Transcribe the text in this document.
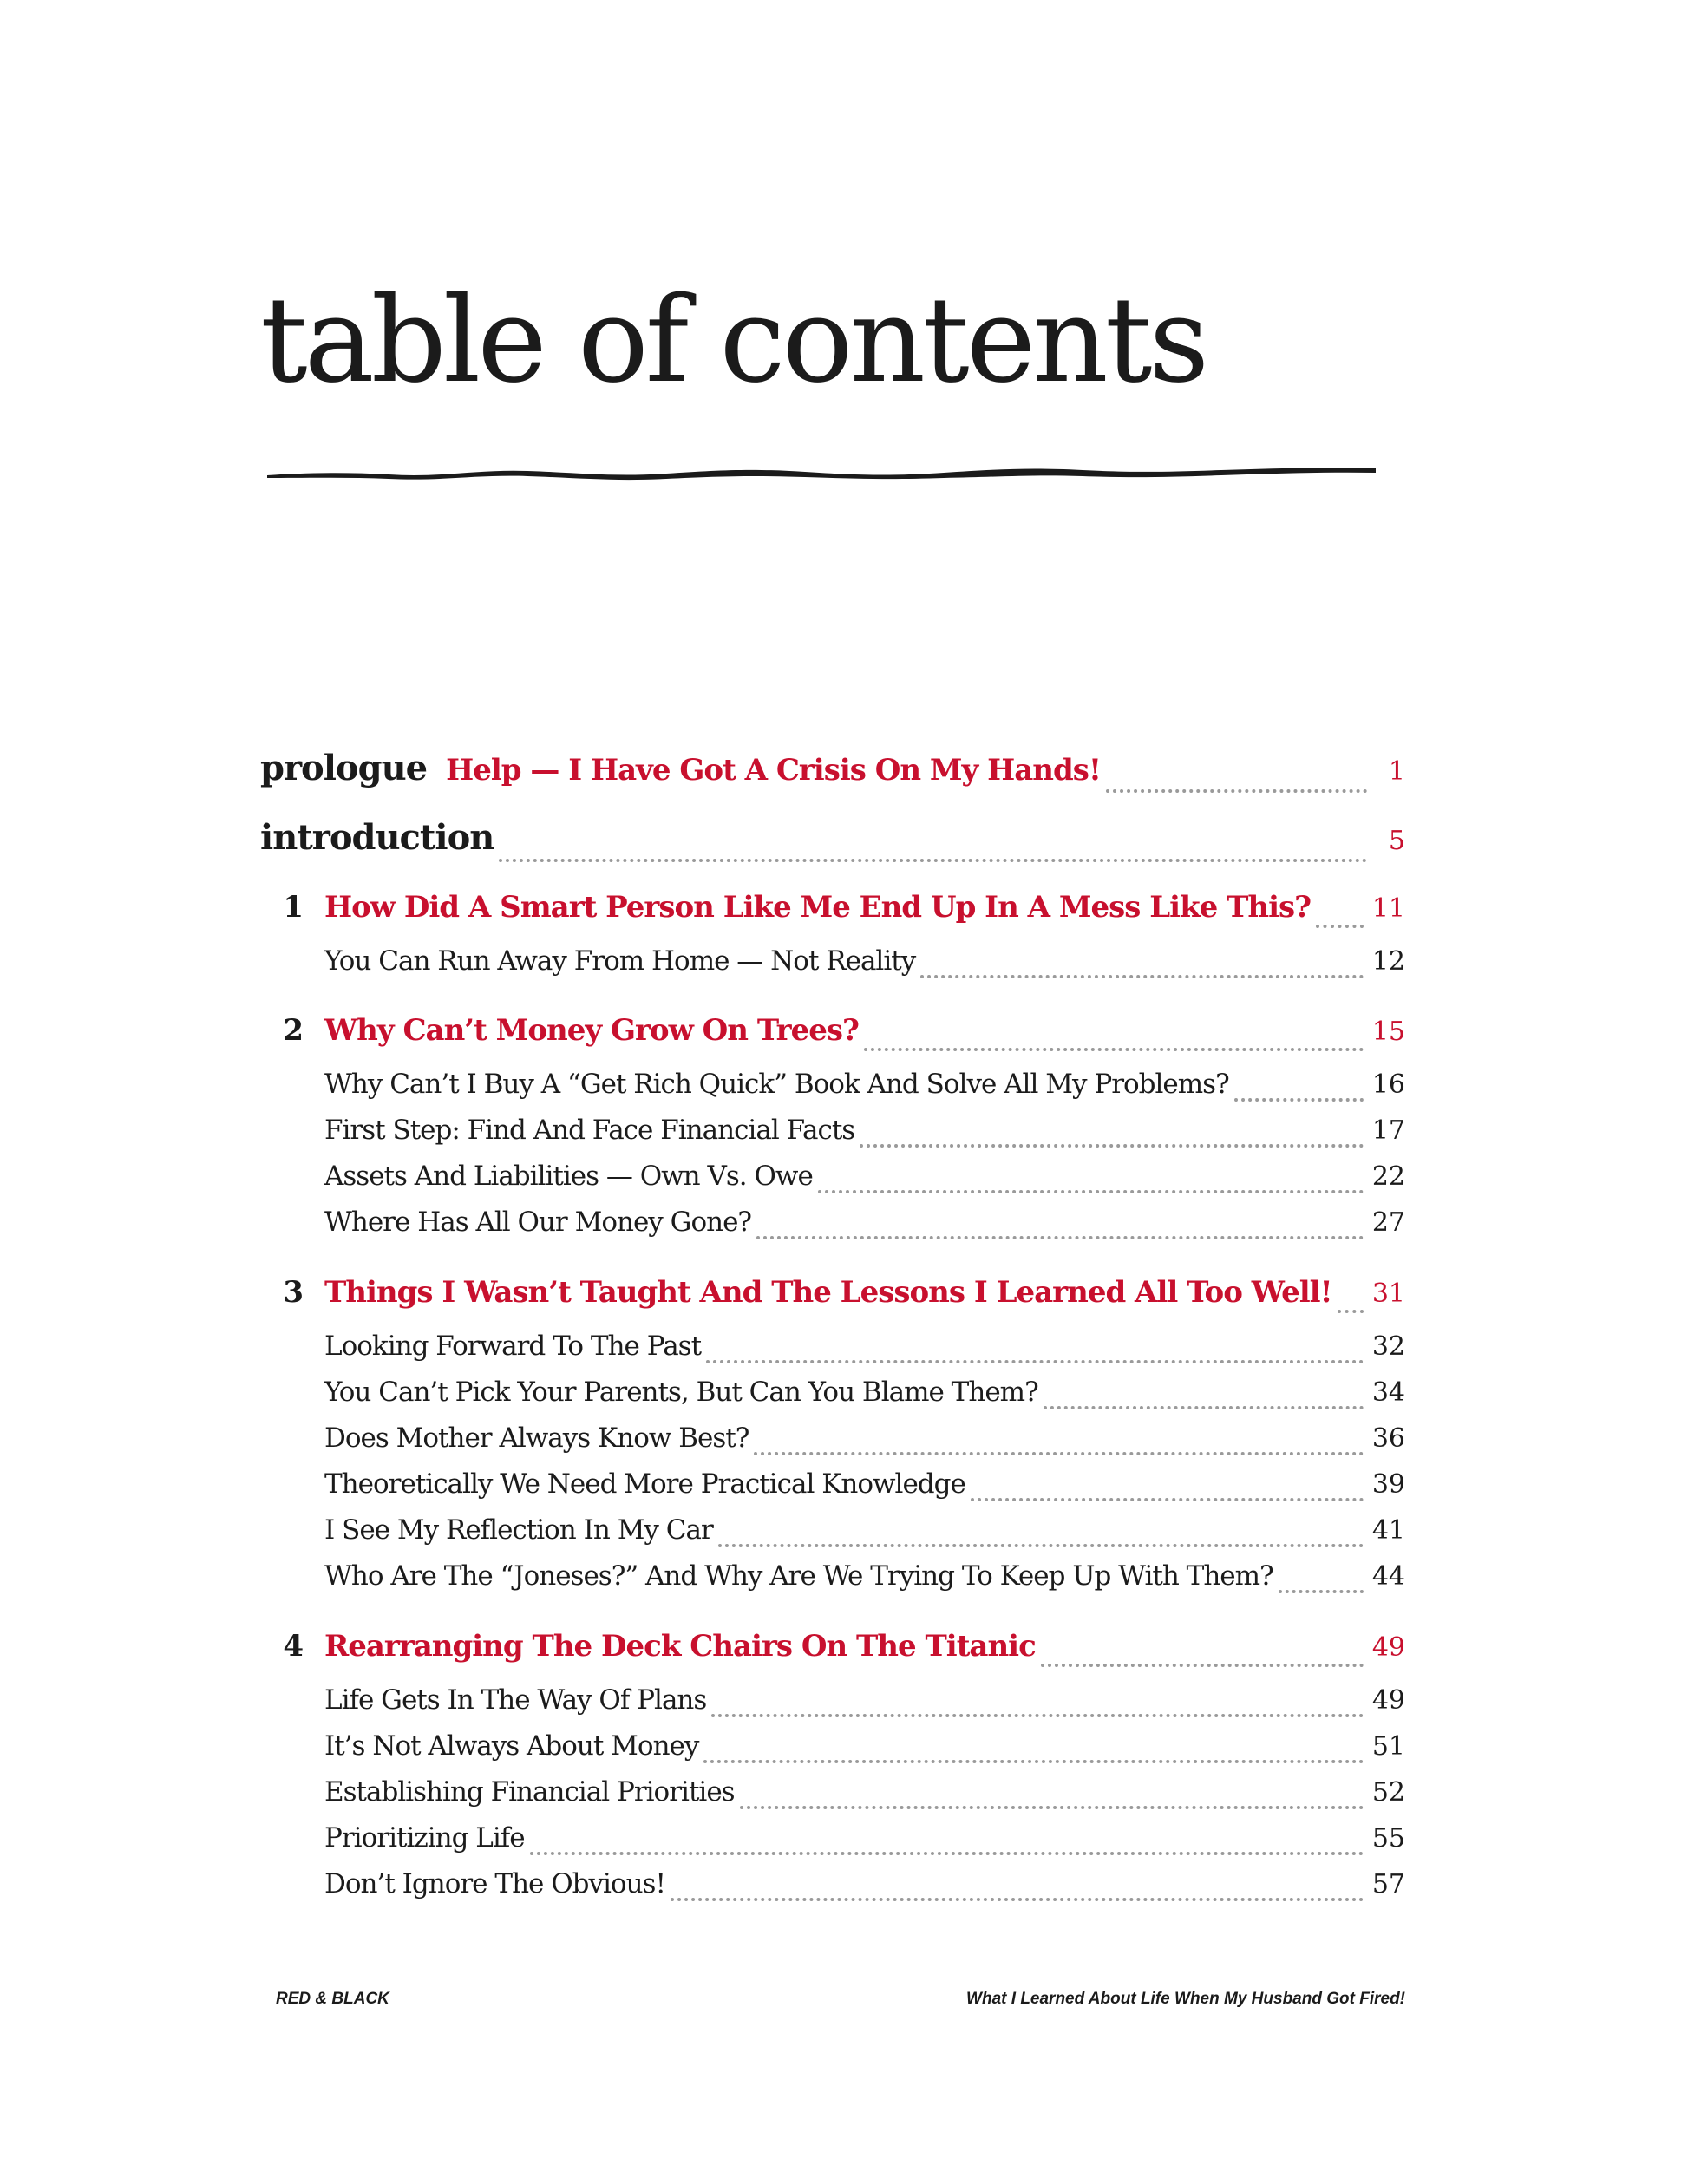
table of contents
prologue Help — I Have Got A Crisis On My Hands!	1
introduction	5
1 How Did A Smart Person Like Me End Up In A Mess Like This? 11
You Can Run Away From Home — Not Reality	12
2 Why Can’t Money Grow On Trees?	15
Why Can’t I Buy A “Get Rich Quick” Book And Solve All My Problems?	16
First Step: Find And Face Financial Facts	17
Assets And Liabilities — Own Vs. Owe	22
Where Has All Our Money Gone?	27
3 Things I Wasn’t Taught And The Lessons I Learned All Too Well! 31
Looking Forward To The Past	32
You Can’t Pick Your Parents, But Can You Blame Them?	34
Does Mother Always Know Best?	36
Theoretically We Need More Practical Knowledge	39
I See My Reflection In My Car	41
Who Are The “Joneses?” And Why Are We Trying To Keep Up With Them?	44
4 Rearranging The Deck Chairs On The Titanic	49
Life Gets In The Way Of Plans	49
It’s Not Always About Money	51
Establishing Financial Priorities	52
Prioritizing Life	55
Don’t Ignore The Obvious!	57
RED & BLACK	What I Learned About Life When My Husband Got Fired!
